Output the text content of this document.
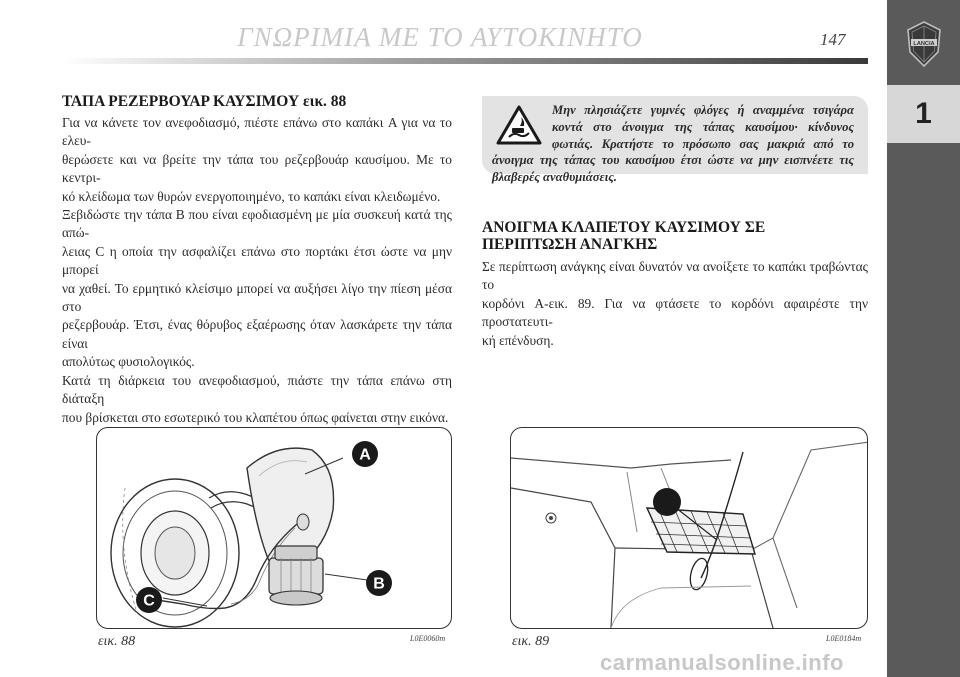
ΓΝΩΡΙΜΙΑ ΜΕ ΤΟ ΑΥΤΟΚΙΝΗΤΟ	147	LANCIA
1
ΤΑΠΑ ΡΕΖΕΡΒΟΥΑΡ ΚΑΥΣΙΜΟΥ εικ. 88
Για να κάνετε τον ανεφοδιασμό, πιέστε επάνω στο καπάκι A για να το ελευ-
θερώσετε και να βρείτε την τάπα του ρεζερβουάρ καυσίμου. Με το κεντρι-
κό κλείδωμα των θυρών ενεργοποιημένο, το καπάκι είναι κλειδωμένο.
Ξεβιδώστε την τάπα B που είναι εφοδιασμένη με μία συσκευή κατά της απώ-
λειας C η οποία την ασφαλίζει επάνω στο πορτάκι έτσι ώστε να μην μπορεί
να χαθεί. Το ερμητικό κλείσιμο μπορεί να αυξήσει λίγο την πίεση μέσα στο
ρεζερβουάρ. Έτσι, ένας θόρυβος εξαέρωσης όταν λασκάρετε την τάπα είναι
απολύτως φυσιολογικός.
Κατά τη διάρκεια του ανεφοδιασμού, πιάστε την τάπα επάνω στη διάταξη
που βρίσκεται στο εσωτερικό του κλαπέτου όπως φαίνεται στην εικόνα.
Μην πλησιάζετε γυμνές φλόγες ή αναμμένα τσιγάρα κοντά στο άνοιγμα της τάπας καυσίμου· κίνδυνος φωτιάς. Κρατήστε το πρόσωπο σας μακριά από το άνοιγμα της τάπας του καυσίμου έτσι ώστε να μην εισπνέετε τις βλαβερές αναθυμιάσεις.
ΑΝΟΙΓΜΑ ΚΛΑΠΕΤΟΥ ΚΑΥΣΙΜΟΥ ΣΕ
ΠΕΡΙΠΤΩΣΗ ΑΝΑΓΚΗΣ
Σε περίπτωση ανάγκης είναι δυνατόν να ανοίξετε το καπάκι τραβώντας το
κορδόνι A-εικ. 89. Για να φτάσετε το κορδόνι αφαιρέστε την προστατευτι-
κή επένδυση.
A
B
C
εικ. 88	L0E0060m	εικ. 89	L0E0184m
carmanualsonline.info
